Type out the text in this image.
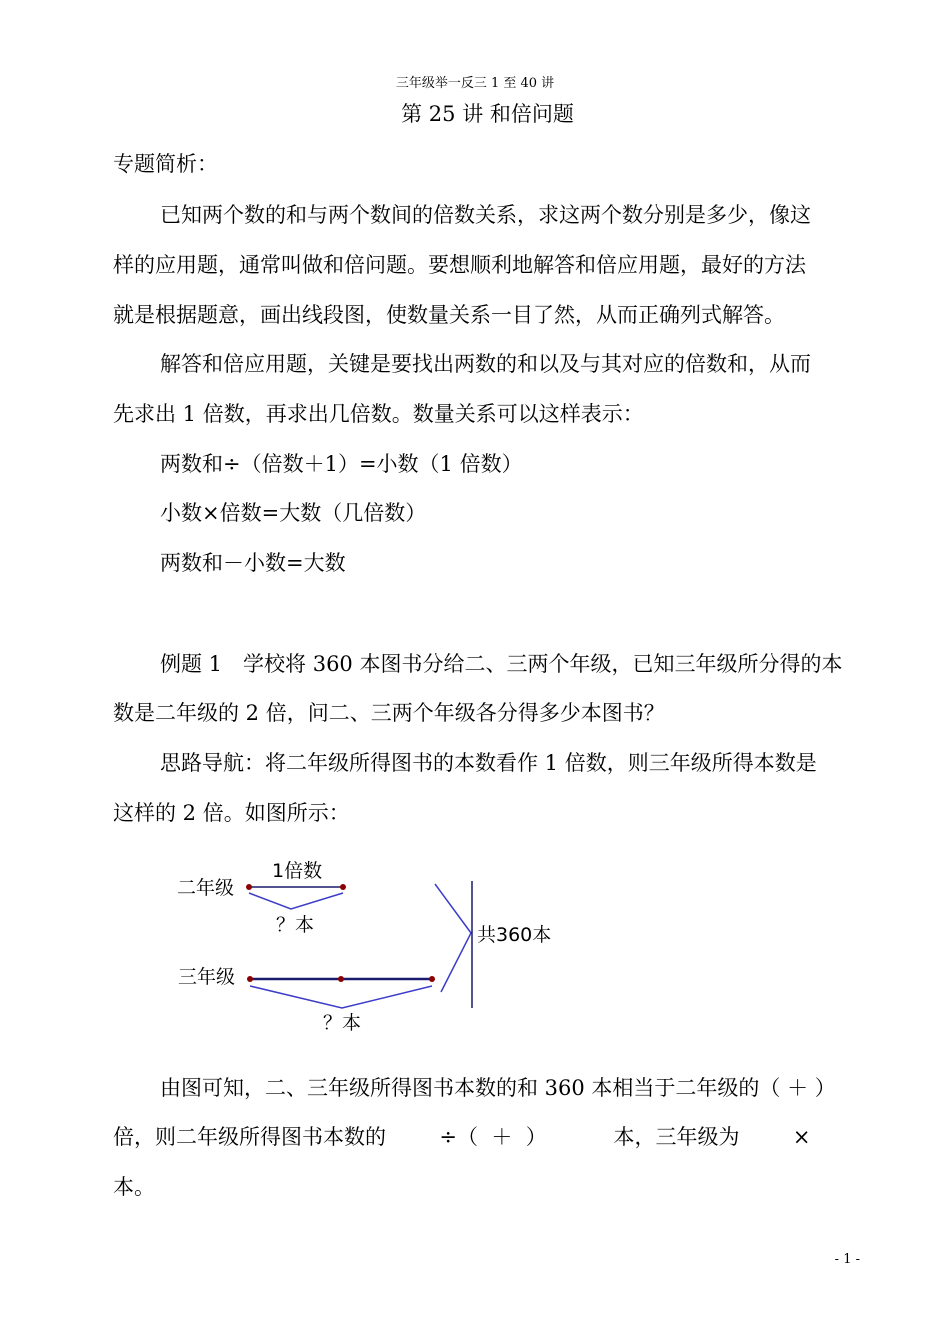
三年级举一反三 1 至 40 讲
第 25 讲 和倍问题
专题简析：
已知两个数的和与两个数间的倍数关系，求这两个数分别是多少，像这
样的应用题，通常叫做和倍问题。要想顺利地解答和倍应用题，最好的方法
就是根据题意，画出线段图，使数量关系一目了然，从而正确列式解答。
解答和倍应用题，关键是要找出两数的和以及与其对应的倍数和，从而
先求出 1 倍数，再求出几倍数。数量关系可以这样表示：
两数和÷（倍数＋1）=小数（1 倍数）
小数×倍数=大数（几倍数）
两数和－小数=大数
例题 1　学校将 360 本图书分给二、三两个年级，已知三年级所分得的本
数是二年级的 2 倍，问二、三两个年级各分得多少本图书？
思路导航：将二年级所得图书的本数看作 1 倍数，则三年级所得本数是
这样的 2 倍。如图所示：
二年级
1倍数
？本
三年级
？本
共360本
由图可知，二、三年级所得图书本数的和 360 本相当于二年级的（ ＋ ）
倍，则二年级所得图书本数的        ÷（  ＋  ）          本，三年级为        ×
本。
- 1 -
